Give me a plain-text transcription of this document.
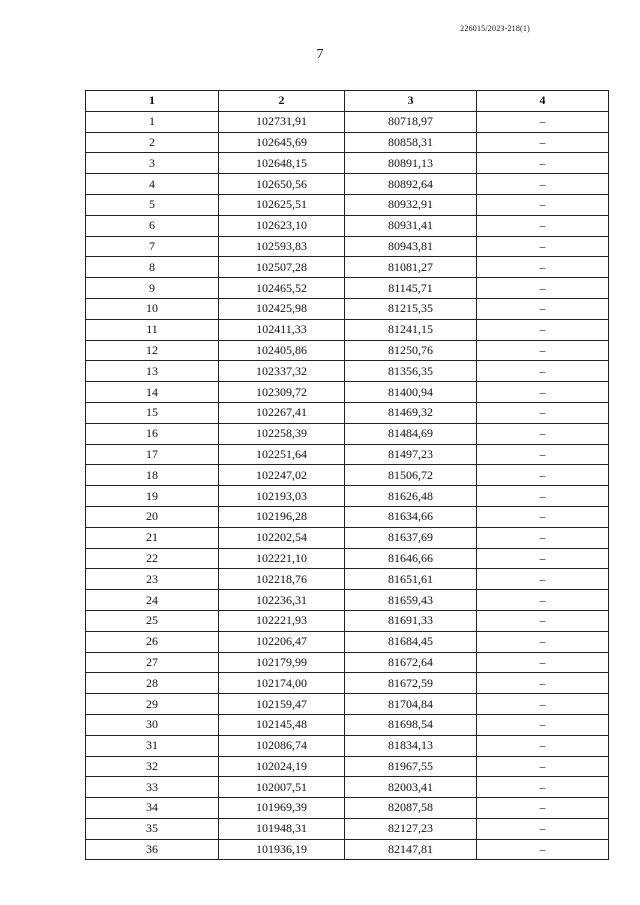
226015/2023-218(1)
7
1	2	3	4
1	102731,91	80718,97	–
2	102645,69	80858,31	–
3	102648,15	80891,13	–
4	102650,56	80892,64	–
5	102625,51	80932,91	–
6	102623,10	80931,41	–
7	102593,83	80943,81	–
8	102507,28	81081,27	–
9	102465,52	81145,71	–
10	102425,98	81215,35	–
11	102411,33	81241,15	–
12	102405,86	81250,76	–
13	102337,32	81356,35	–
14	102309,72	81400,94	–
15	102267,41	81469,32	–
16	102258,39	81484,69	–
17	102251,64	81497,23	–
18	102247,02	81506,72	–
19	102193,03	81626,48	–
20	102196,28	81634,66	–
21	102202,54	81637,69	–
22	102221,10	81646,66	–
23	102218,76	81651,61	–
24	102236,31	81659,43	–
25	102221,93	81691,33	–
26	102206,47	81684,45	–
27	102179,99	81672,64	–
28	102174,00	81672,59	–
29	102159,47	81704,84	–
30	102145,48	81698,54	–
31	102086,74	81834,13	–
32	102024,19	81967,55	–
33	102007,51	82003,41	–
34	101969,39	82087,58	–
35	101948,31	82127,23	–
36	101936,19	82147,81	–
